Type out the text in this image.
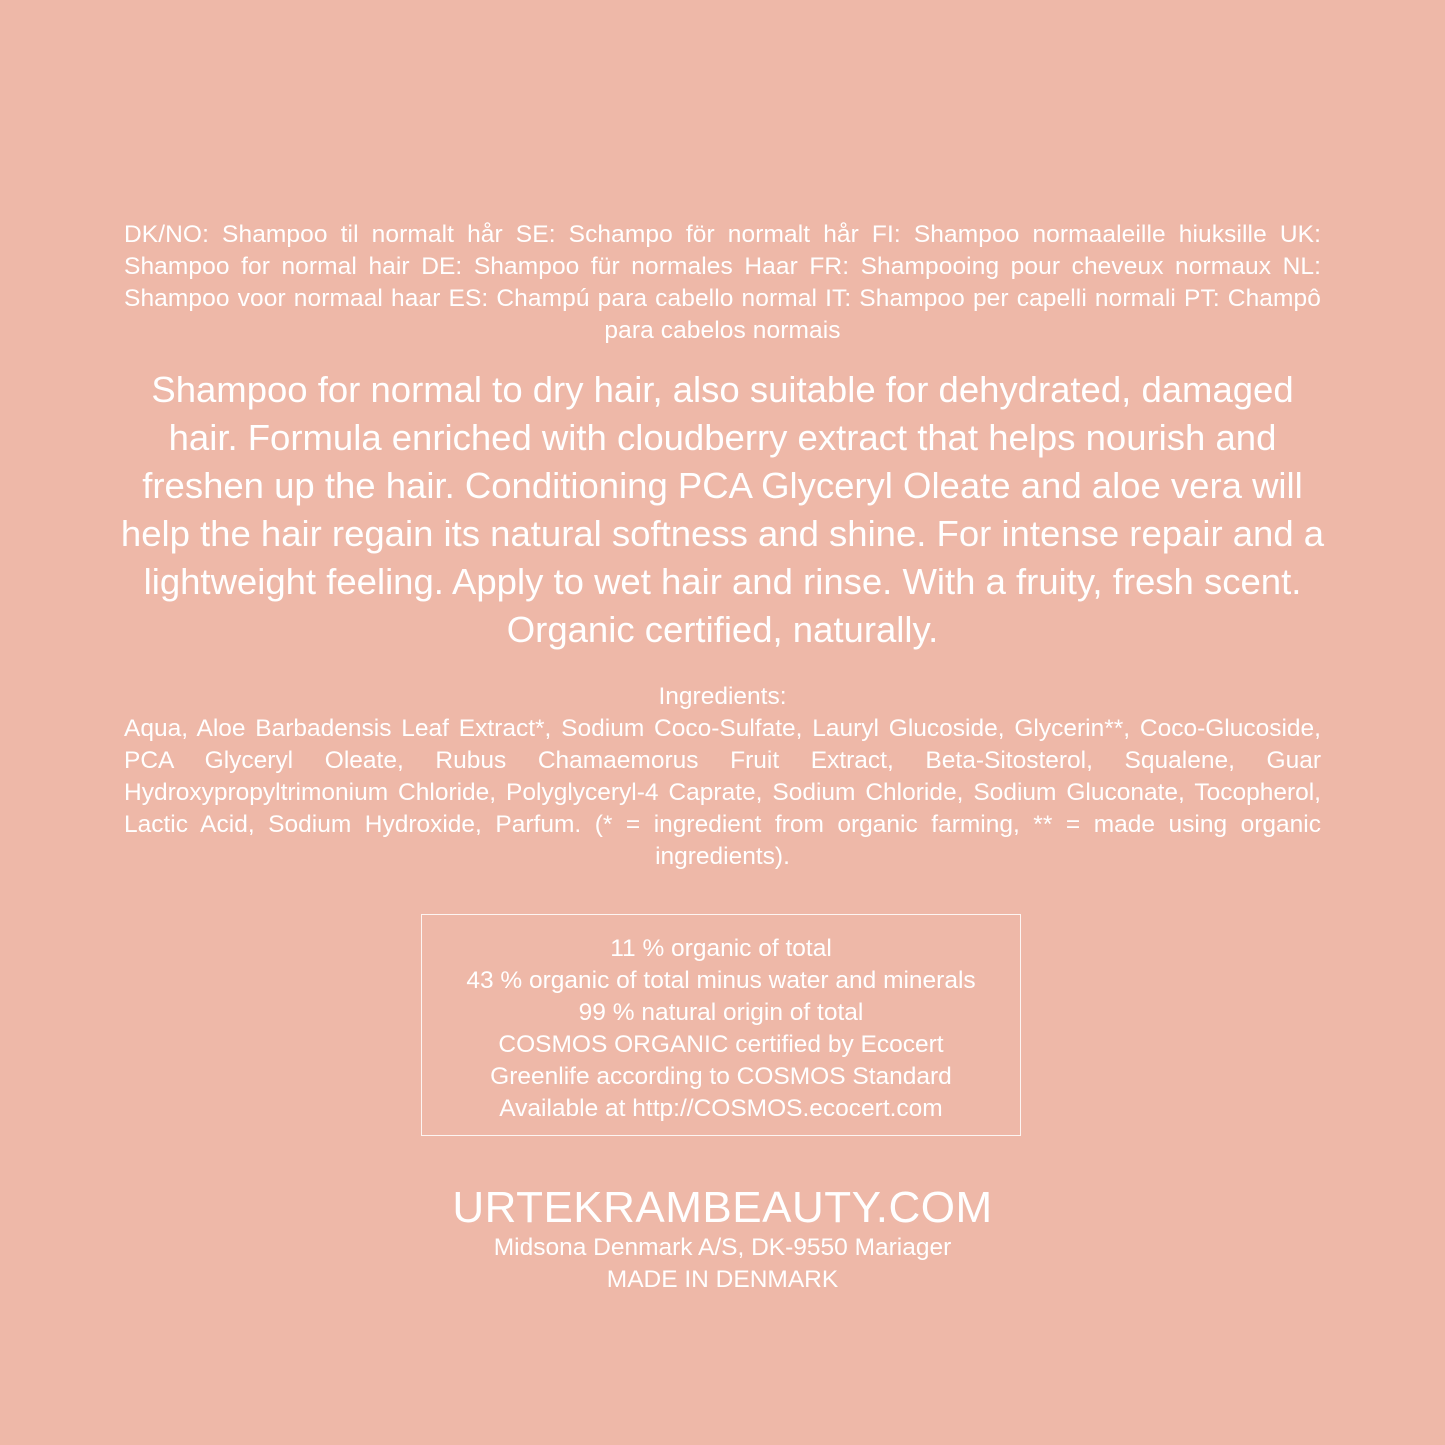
DK/NO: Shampoo til normalt hår SE: Schampo för normalt hår FI: Shampoo normaaleille hiuksille UK: Shampoo for normal hair DE: Shampoo für normales Haar FR: Shampooing pour cheveux normaux NL: Shampoo voor normaal haar ES: Champú para cabello normal IT: Shampoo per capelli normali PT: Champô para cabelos normais
Shampoo for normal to dry hair, also suitable for dehydrated, damaged hair. Formula enriched with cloudberry extract that helps nourish and freshen up the hair. Conditioning PCA Glyceryl Oleate and aloe vera will help the hair regain its natural softness and shine. For intense repair and a lightweight feeling. Apply to wet hair and rinse. With a fruity, fresh scent. Organic certified, naturally.
Ingredients:
Aqua, Aloe Barbadensis Leaf Extract*, Sodium Coco-Sulfate, Lauryl Glucoside, Glycerin**, Coco-Glucoside, PCA Glyceryl Oleate, Rubus Chamaemorus Fruit Extract, Beta-Sitosterol, Squalene, Guar Hydroxypropyltrimonium Chloride, Polyglyceryl-4 Caprate, Sodium Chloride, Sodium Gluconate, Tocopherol, Lactic Acid, Sodium Hydroxide, Parfum. (* = ingredient from organic farming, ** = made using organic ingredients).
11 % organic of total
43 % organic of total minus water and minerals
99 % natural origin of total
COSMOS ORGANIC certified by Ecocert
Greenlife according to COSMOS Standard
Available at http://COSMOS.ecocert.com
URTEKRAMBEAUTY.COM
Midsona Denmark A/S, DK-9550 Mariager
MADE IN DENMARK
